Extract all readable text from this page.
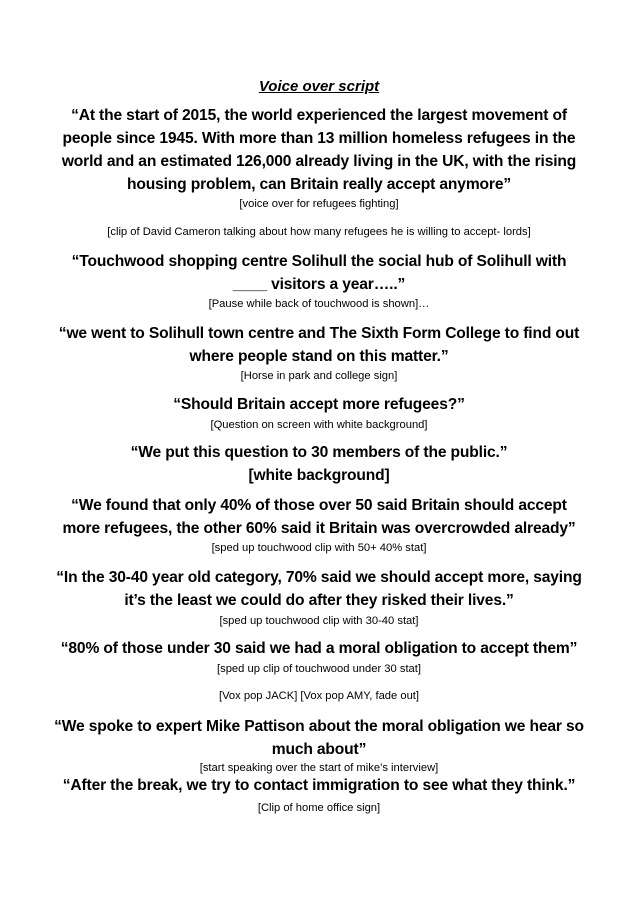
Voice over script

“At the start of 2015, the world experienced the largest movement of people since 1945. With more than 13 million homeless refugees in the world and an estimated 126,000 already living in the UK, with the rising housing problem, can Britain really accept anymore”

[voice over for refugees fighting]

[clip of David Cameron talking about how many refugees he is willing to accept- lords]

“Touchwood shopping centre Solihull the social hub of Solihull with ____ visitors a year…..”

[Pause while back of touchwood is shown]…

“we went to Solihull town centre and The Sixth Form College to find out where people stand on this matter.”

[Horse in park and college sign]

“Should Britain accept more refugees?”

[Question on screen with white background]

“We put this question to 30 members of the public.”

[white background]

“We found that only 40% of those over 50 said Britain should accept more refugees, the other 60% said it Britain was overcrowded already”

[sped up touchwood clip with 50+ 40% stat]

“In the 30-40 year old category, 70% said we should accept more, saying it’s the least we could do after they risked their lives.”

[sped up touchwood clip with 30-40 stat]

“80% of those under 30 said we had a moral obligation to accept them”

[sped up clip of touchwood under 30 stat]

[Vox pop JACK] [Vox pop AMY, fade out]

“We spoke to expert Mike Pattison about the moral obligation we hear so much about”

[start speaking over the start of mike’s interview]

“After the break, we try to contact immigration to see what they think.”

[Clip of home office sign]
